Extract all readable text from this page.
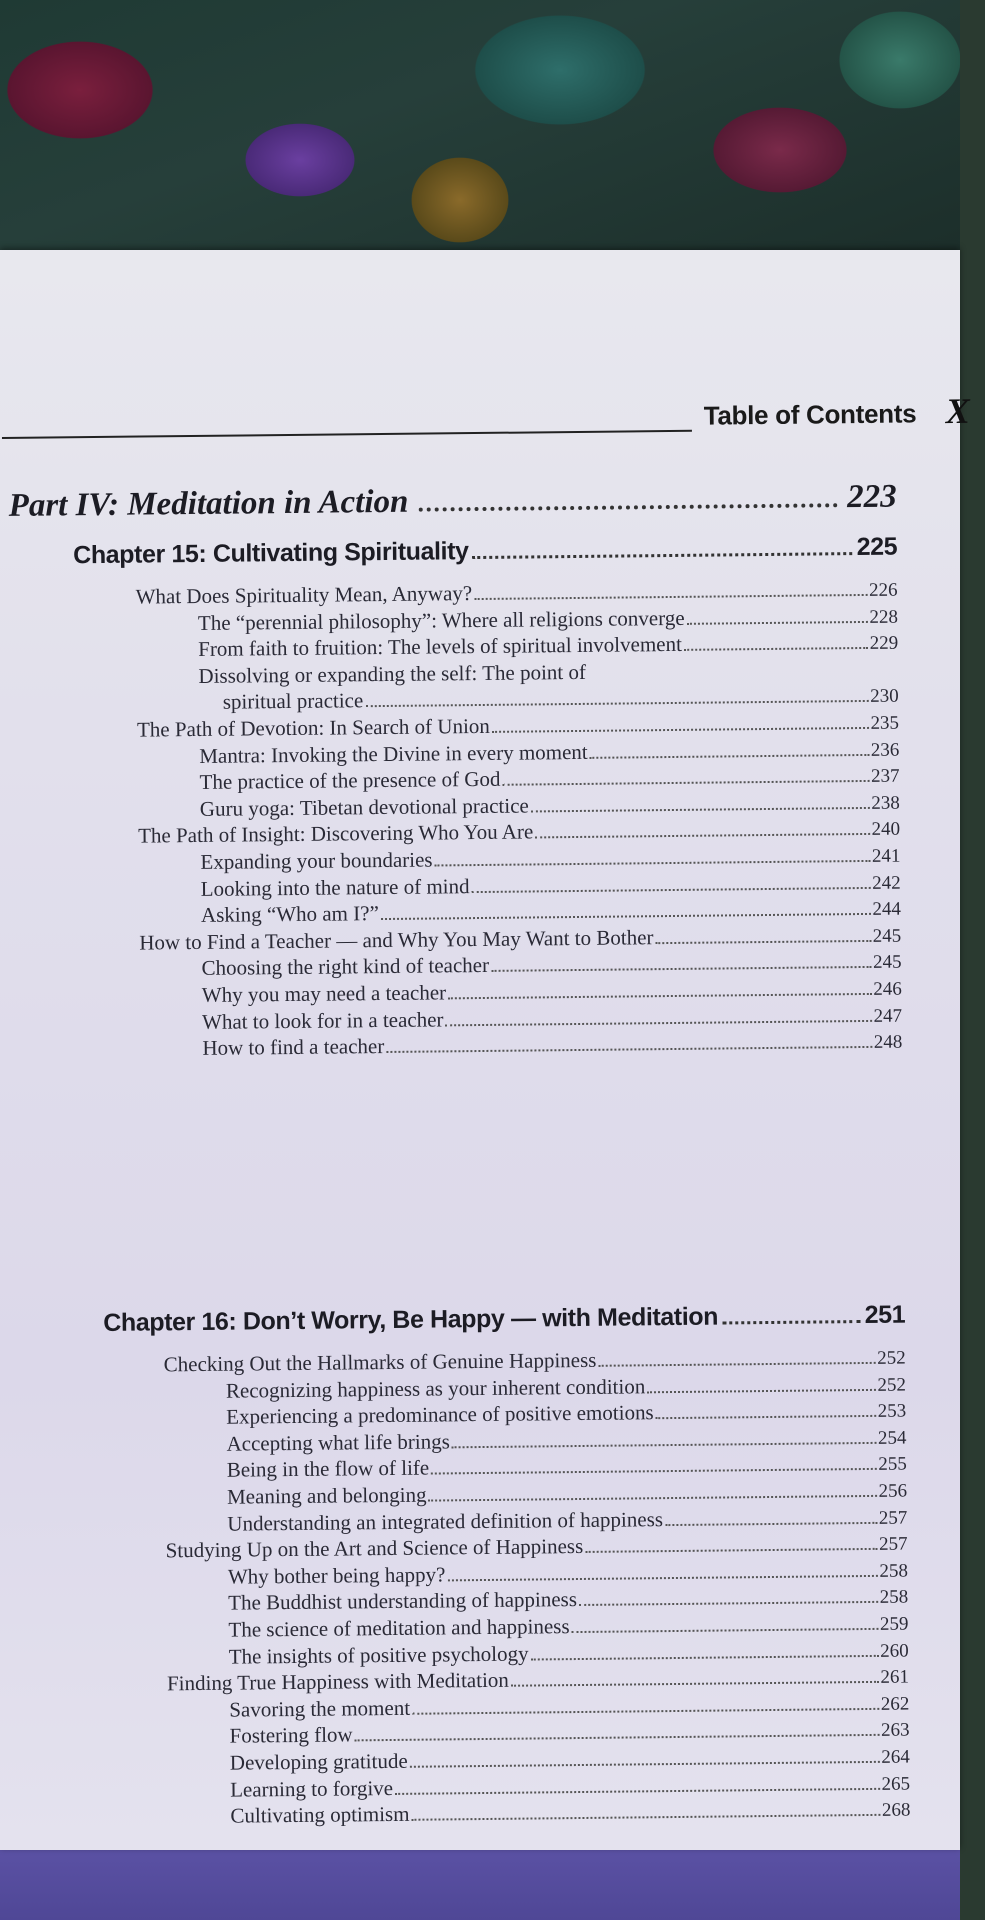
Table of Contents X
Part IV: Meditation in Action	223
Chapter 15: Cultivating Spirituality	225
What Does Spirituality Mean, Anyway?	226
The “perennial philosophy”: Where all religions converge	228
From faith to fruition: The levels of spiritual involvement	229
Dissolving or expanding the self: The point of
spiritual practice	230
The Path of Devotion: In Search of Union	235
Mantra: Invoking the Divine in every moment	236
The practice of the presence of God	237
Guru yoga: Tibetan devotional practice	238
The Path of Insight: Discovering Who You Are	240
Expanding your boundaries	241
Looking into the nature of mind	242
Asking “Who am I?”	244
How to Find a Teacher — and Why You May Want to Bother	245
Choosing the right kind of teacher	245
Why you may need a teacher	246
What to look for in a teacher	247
How to find a teacher	248
Chapter 16: Don’t Worry, Be Happy — with Meditation	251
Checking Out the Hallmarks of Genuine Happiness	252
Recognizing happiness as your inherent condition	252
Experiencing a predominance of positive emotions	253
Accepting what life brings	254
Being in the flow of life	255
Meaning and belonging	256
Understanding an integrated definition of happiness	257
Studying Up on the Art and Science of Happiness	257
Why bother being happy?	258
The Buddhist understanding of happiness	258
The science of meditation and happiness	259
The insights of positive psychology	260
Finding True Happiness with Meditation	261
Savoring the moment	262
Fostering flow	263
Developing gratitude	264
Learning to forgive	265
Cultivating optimism	268
